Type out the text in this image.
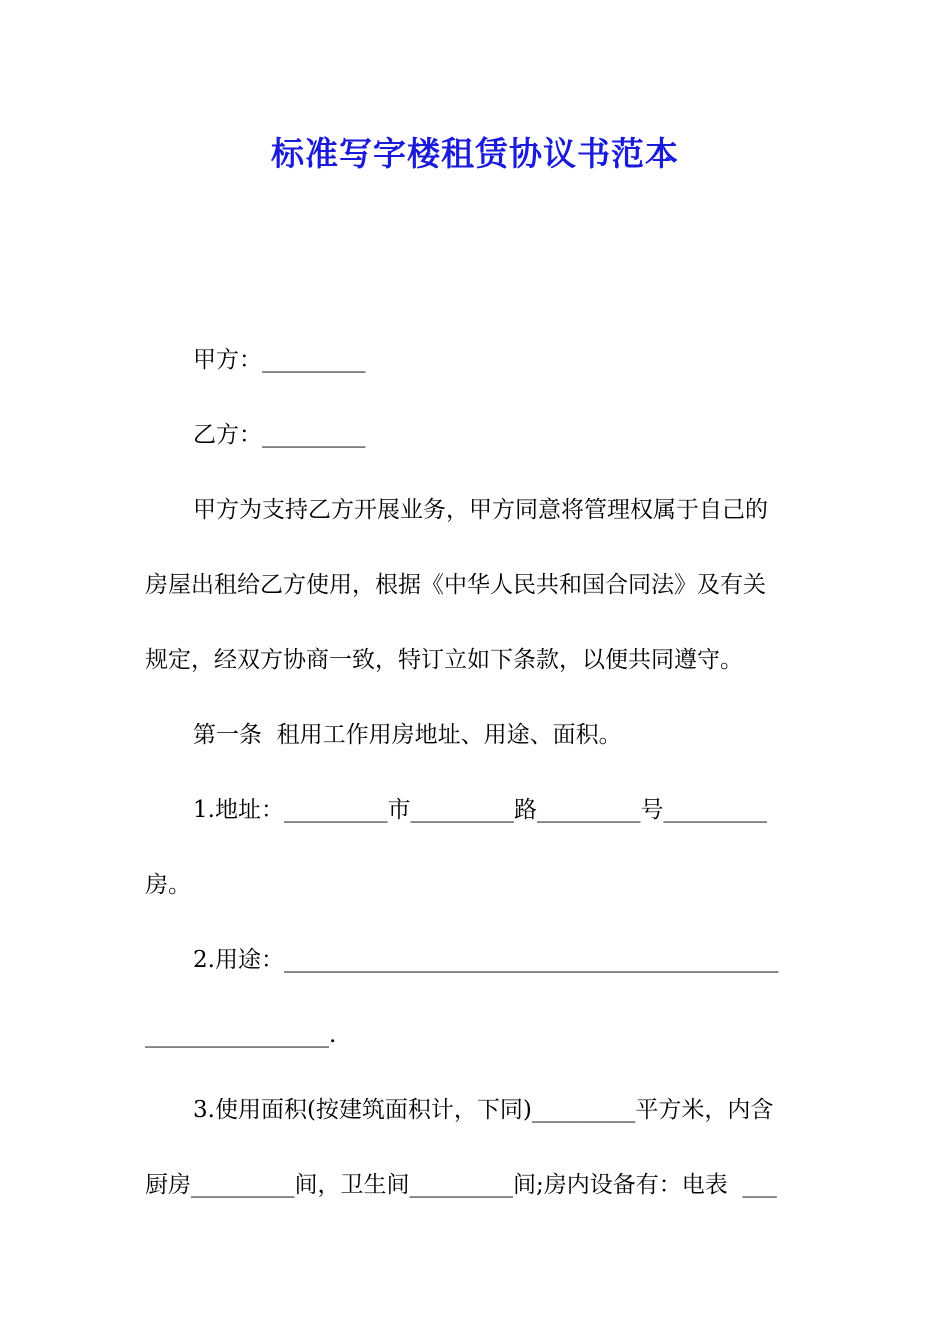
标准写字楼租赁协议书范本
甲方：_________
乙方：_________
甲方为支持乙方开展业务，甲方同意将管理权属于自己的
房屋出租给乙方使用，根据《中华人民共和国合同法》及有关
规定，经双方协商一致，特订立如下条款，以便共同遵守。
第一条  租用工作用房地址、用途、面积。
1.地址：_________市_________路_________号_________
房。
2.用途：___________________________________________
________________.
3.使用面积(按建筑面积计，下同)_________平方米，内含
厨房_________间，卫生间_________间;房内设备有：电表  ___
